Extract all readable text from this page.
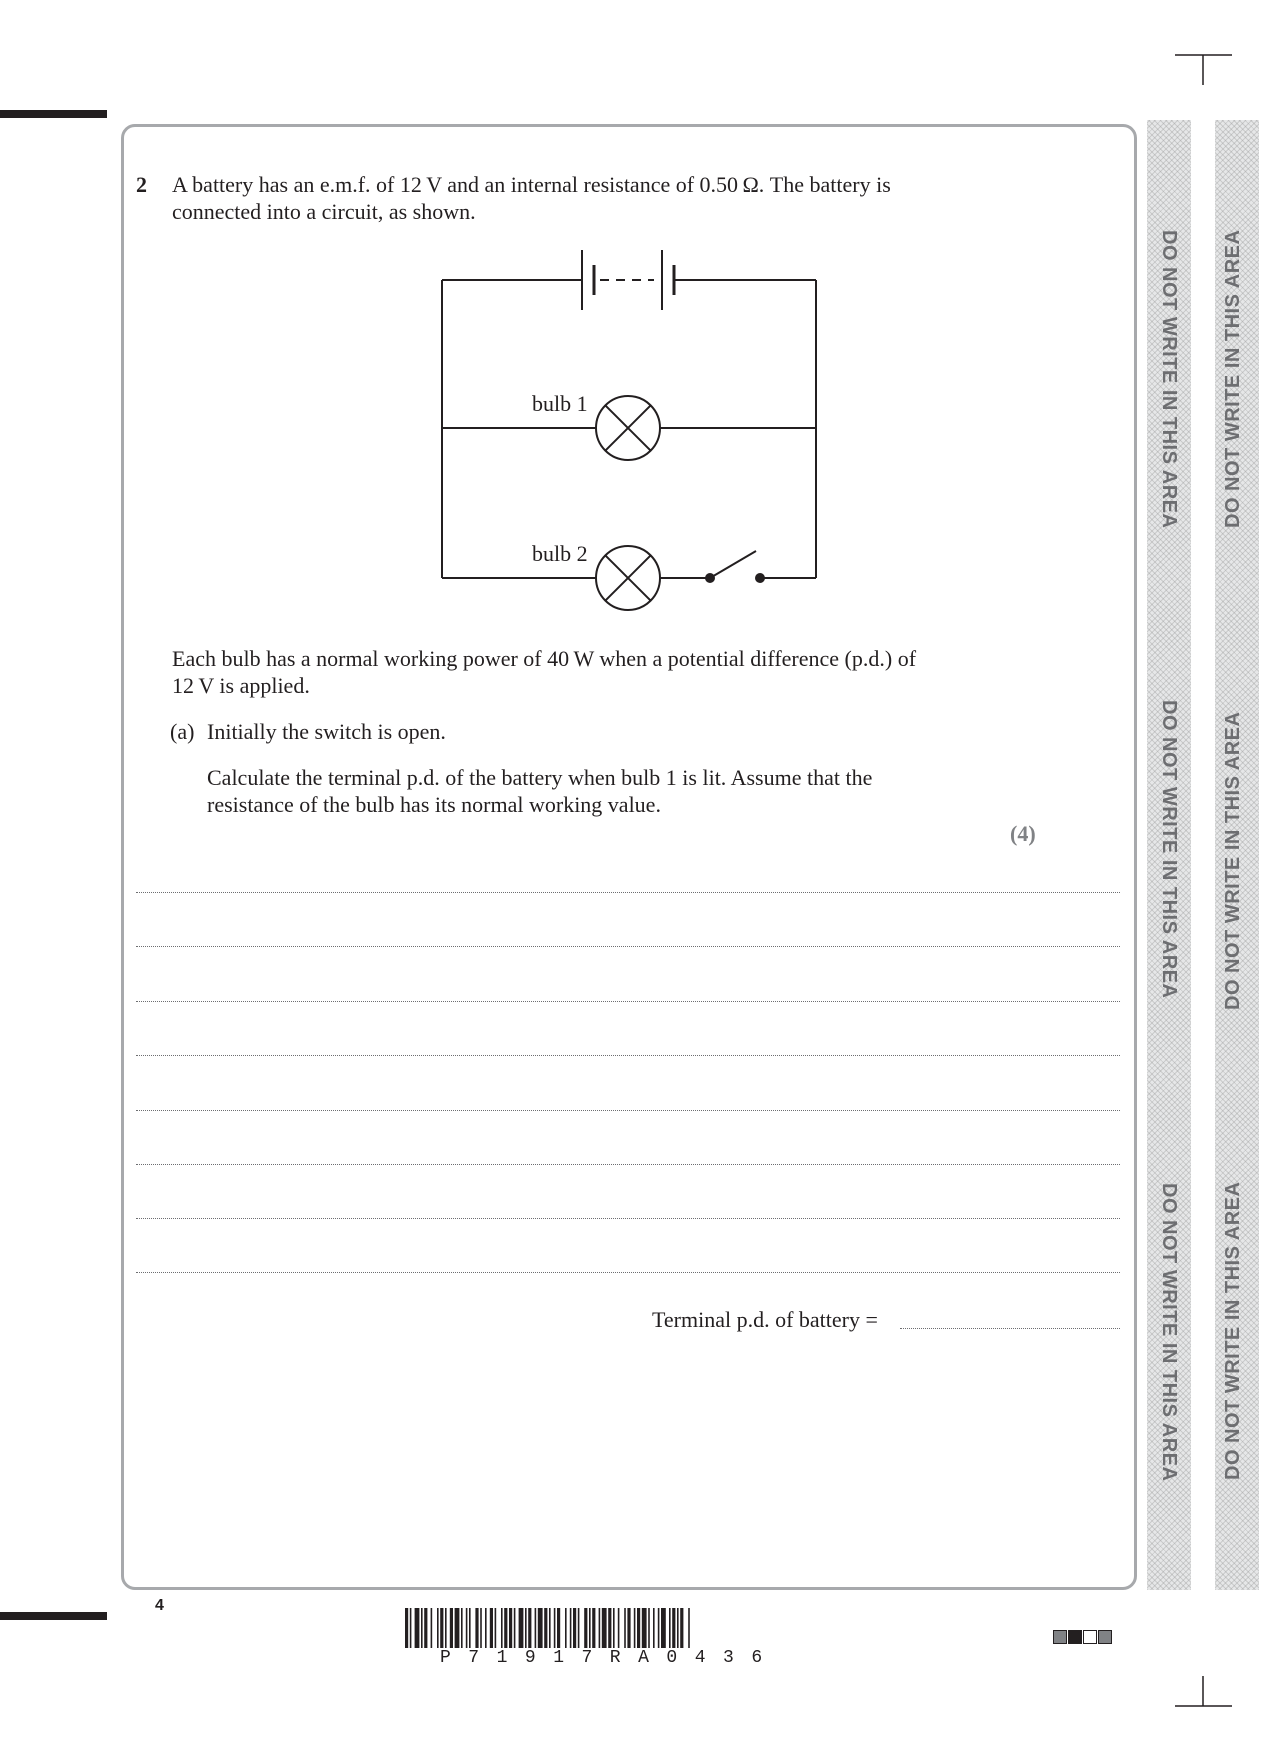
2 A battery has an e.m.f. of 12 V and an internal resistance of 0.50 Ω. The battery is
connected into a circuit, as shown.
bulb 1
bulb 2
Each bulb has a normal working power of 40 W when a potential difference (p.d.) of
12 V is applied.
(a) Initially the switch is open.
Calculate the terminal p.d. of the battery when bulb 1 is lit. Assume that the
resistance of the bulb has its normal working value.
(4)
Terminal p.d. of battery =
DO NOT WRITE IN THIS AREA
DO NOT WRITE IN THIS AREA
DO NOT WRITE IN THIS AREA
DO NOT WRITE IN THIS AREA
DO NOT WRITE IN THIS AREA
DO NOT WRITE IN THIS AREA
4
P71917RA0436
